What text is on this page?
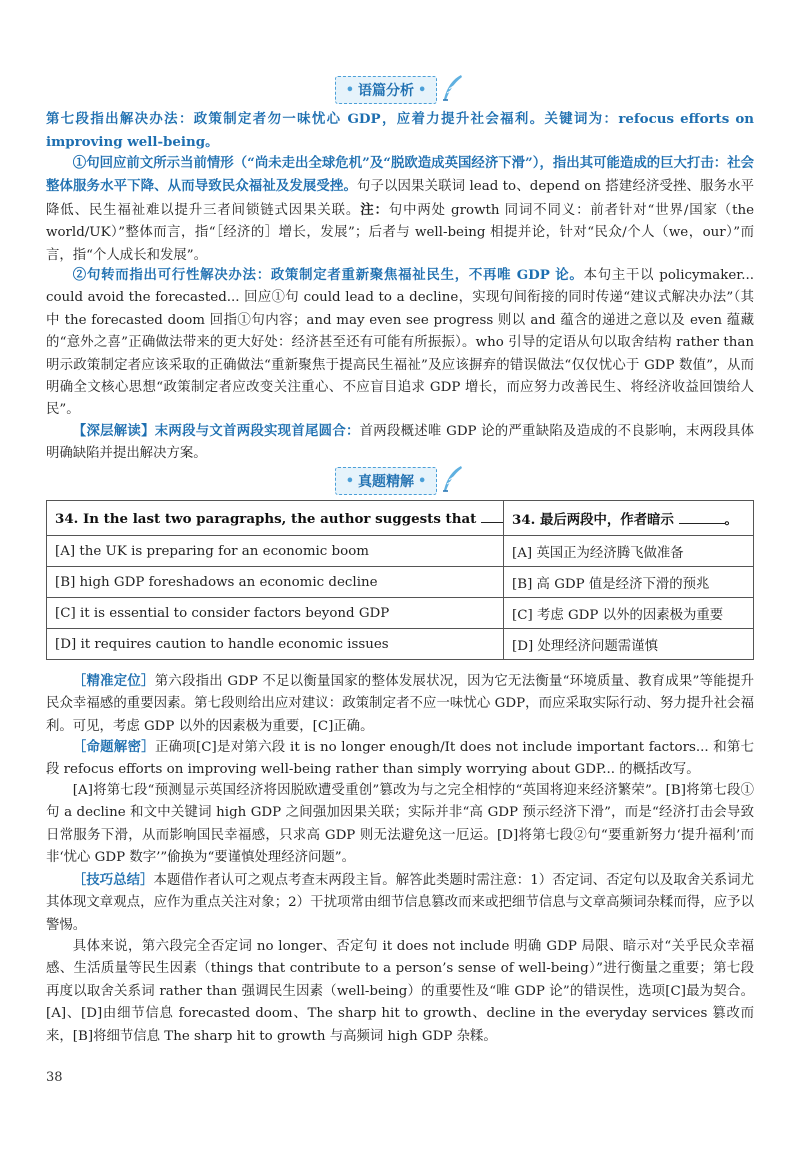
• 语篇分析 •

第七段指出解决办法：政策制定者勿一味忧心 GDP，应着力提升社会福利。关键词为：refocus efforts on improving well-being。

①句回应前文所示当前情形（“尚未走出全球危机”及“脱欧造成英国经济下滑”），指出其可能造成的巨大打击：社会整体服务水平下降、从而导致民众福祉及发展受挫。句子以因果关联词 lead to、depend on 搭建经济受挫、服务水平降低、民生福祉难以提升三者间锁链式因果关联。注：句中两处 growth 同词不同义：前者针对“世界/国家（the world/UK）”整体而言，指“［经济的］增长，发展”；后者与 well-being 相提并论，针对“民众/个人（we，our）”而言，指“个人成长和发展”。

②句转而指出可行性解决办法：政策制定者重新聚焦福祉民生，不再唯 GDP 论。本句主干以 policymaker... could avoid the forecasted... 回应①句 could lead to a decline，实现句间衔接的同时传递“建议式解决办法”（其中 the forecasted doom 回指①句内容；and may even see progress 则以 and 蕴含的递进之意以及 even 蕴藏的“意外之喜”正确做法带来的更大好处：经济甚至还有可能有所振振）。who 引导的定语从句以取舍结构 rather than 明示政策制定者应该采取的正确做法“重新聚焦于提高民生福祉”及应该摒弃的错误做法“仅仅忧心于 GDP 数值”，从而明确全文核心思想“政策制定者应改变关注重心、不应盲目追求 GDP 增长，而应努力改善民生、将经济收益回馈给人民”。

【深层解读】末两段与文首两段实现首尾圆合：首两段概述唯 GDP 论的严重缺陷及造成的不良影响，末两段具体明确缺陷并提出解决方案。

• 真题精解 •
34. In the last two paragraphs, the author suggests that	34. 最后两段中，作者暗示 。
[A] the UK is preparing for an economic boom	[A] 英国正为经济腾飞做准备
[B] high GDP foreshadows an economic decline	[B] 高 GDP 值是经济下滑的预兆
[C] it is essential to consider factors beyond GDP	[C] 考虑 GDP 以外的因素极为重要
[D] it requires caution to handle economic issues	[D] 处理经济问题需谨慎

［精准定位］第六段指出 GDP 不足以衡量国家的整体发展状况，因为它无法衡量“环境质量、教育成果”等能提升民众幸福感的重要因素。第七段则给出应对建议：政策制定者不应一味忧心 GDP，而应采取实际行动、努力提升社会福利。可见，考虑 GDP 以外的因素极为重要，[C]正确。

［命题解密］正确项[C]是对第六段 it is no longer enough/It does not include important factors... 和第七段 refocus efforts on improving well-being rather than simply worrying about GDP... 的概括改写。

[A]将第七段“预测显示英国经济将因脱欧遭受重创”篡改为与之完全相悖的“英国将迎来经济繁荣”。[B]将第七段①句 a decline 和文中关键词 high GDP 之间强加因果关联；实际并非“高 GDP 预示经济下滑”，而是“经济打击会导致日常服务下滑，从而影响国民幸福感，只求高 GDP 则无法避免这一厄运。[D]将第七段②句“要重新努力‘提升福利’而非‘忧心 GDP 数字’”偷换为“要谨慎处理经济问题”。

［技巧总结］本题借作者认可之观点考查末两段主旨。解答此类题时需注意：1）否定词、否定句以及取舍关系词尤其体现文章观点，应作为重点关注对象；2）干扰项常由细节信息篡改而来或把细节信息与文章高频词杂糅而得，应予以警惕。

具体来说，第六段完全否定词 no longer、否定句 it does not include 明确 GDP 局限、暗示对“关乎民众幸福感、生活质量等民生因素（things that contribute to a person’s sense of well-being）”进行衡量之重要；第七段再度以取舍关系词 rather than 强调民生因素（well-being）的重要性及“唯 GDP 论”的错误性，选项[C]最为契合。[A]、[D]由细节信息 forecasted doom、The sharp hit to growth、decline in the everyday services 篡改而来，[B]将细节信息 The sharp hit to growth 与高频词 high GDP 杂糅。

38
